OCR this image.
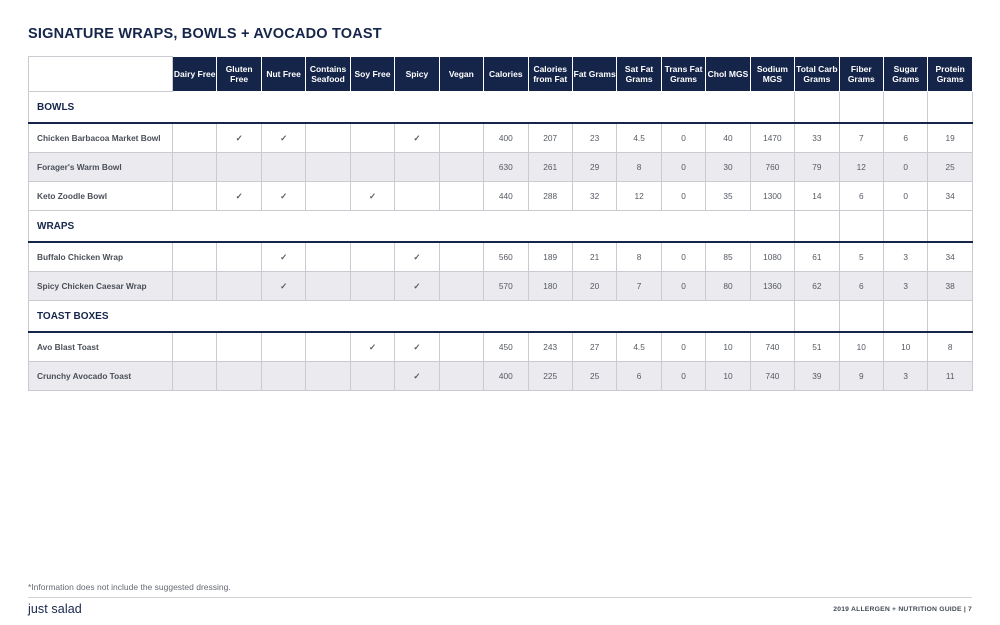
SIGNATURE WRAPS, BOWLS + AVOCADO TOAST
	Dairy Free	Gluten Free	Nut Free	Contains Seafood	Soy Free	Spicy	Vegan	Calories	Calories from Fat	Fat Grams	Sat Fat Grams	Trans Fat Grams	Chol MGS	Sodium MGS	Total Carb Grams	Fiber Grams	Sugar Grams	Protein Grams
BOWLS																		
Chicken Barbacoa Market Bowl		✓	✓			✓		400	207	23	4.5	0	40	1470	33	7	6	19
Forager's Warm Bowl								630	261	29	8	0	30	760	79	12	0	25
Keto Zoodle Bowl		✓	✓		✓			440	288	32	12	0	35	1300	14	6	0	34
WRAPS																		
Buffalo Chicken Wrap			✓			✓		560	189	21	8	0	85	1080	61	5	3	34
Spicy Chicken Caesar Wrap			✓			✓		570	180	20	7	0	80	1360	62	6	3	38
TOAST BOXES																		
Avo Blast Toast					✓	✓		450	243	27	4.5	0	10	740	51	10	10	8
Crunchy Avocado Toast						✓		400	225	25	6	0	10	740	39	9	3	11
*Information does not include the suggested dressing.
just salad	2019 ALLERGEN + NUTRITION GUIDE | 7
